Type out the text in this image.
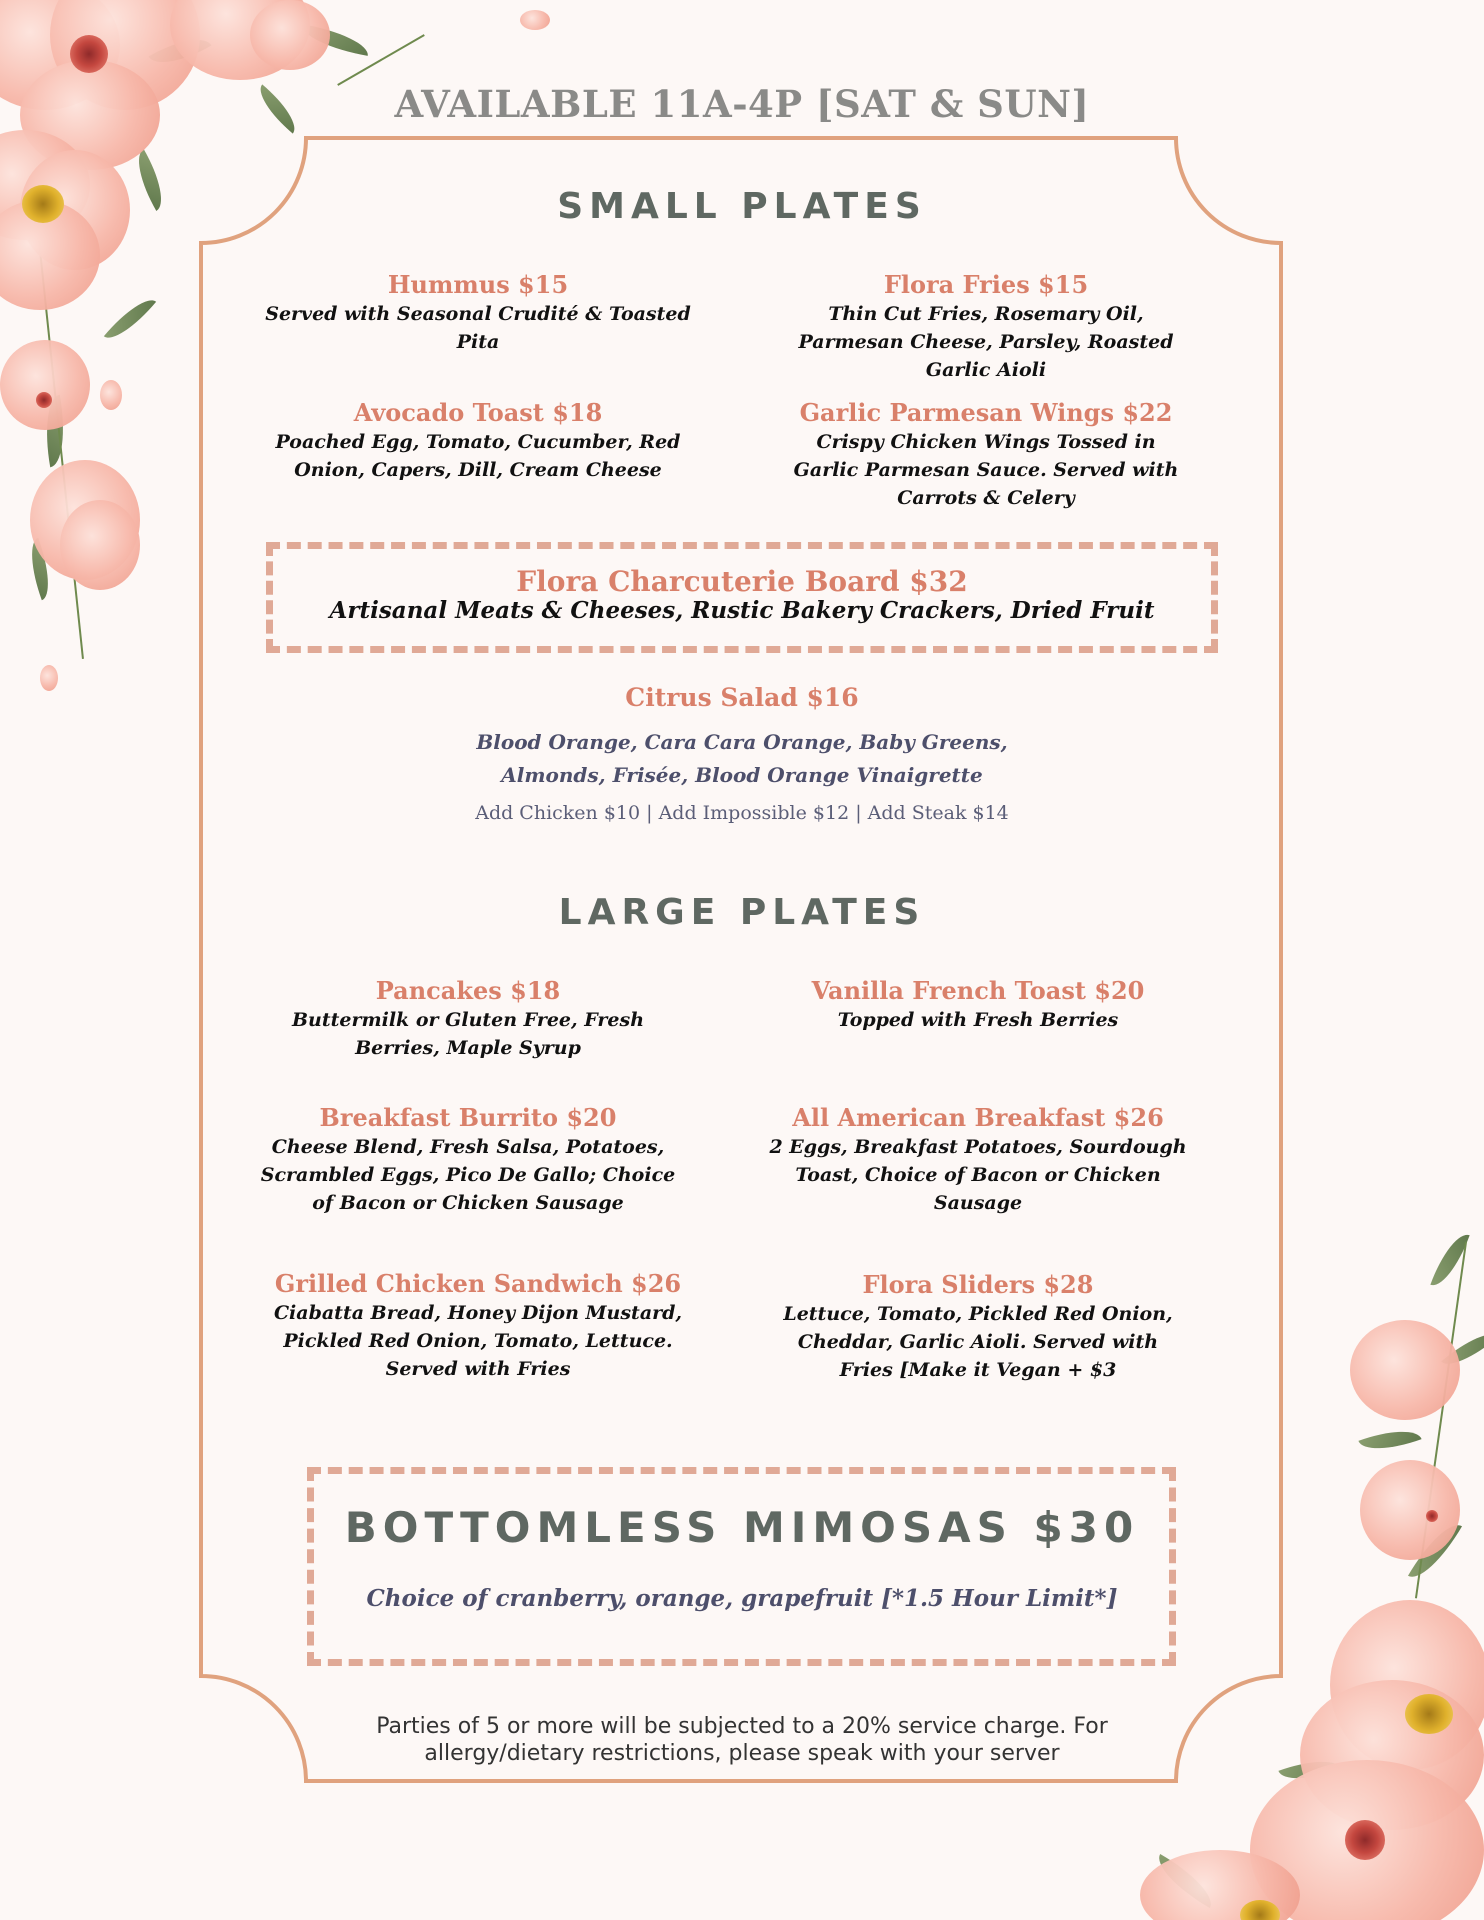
AVAILABLE 11A-4P [SAT & SUN]
SMALL PLATES
Hummus $15
Served with Seasonal Crudité & Toasted Pita
Flora Fries $15
Thin Cut Fries, Rosemary Oil, Parmesan Cheese, Parsley, Roasted Garlic Aioli
Avocado Toast $18
Poached Egg, Tomato, Cucumber, Red Onion, Capers, Dill, Cream Cheese
Garlic Parmesan Wings $22
Crispy Chicken Wings Tossed in Garlic Parmesan Sauce. Served with Carrots & Celery
Flora Charcuterie Board $32
Artisanal Meats & Cheeses, Rustic Bakery Crackers, Dried Fruit
Citrus Salad $16
Blood Orange, Cara Cara Orange, Baby Greens,
Almonds, Frisée, Blood Orange Vinaigrette
Add Chicken $10 | Add Impossible $12 | Add Steak $14
LARGE PLATES
Pancakes $18
Buttermilk or Gluten Free, Fresh Berries, Maple Syrup
Vanilla French Toast $20
Topped with Fresh Berries
Breakfast Burrito $20
Cheese Blend, Fresh Salsa, Potatoes, Scrambled Eggs, Pico De Gallo; Choice of Bacon or Chicken Sausage
All American Breakfast $26
2 Eggs, Breakfast Potatoes, Sourdough Toast, Choice of Bacon or Chicken Sausage
Grilled Chicken Sandwich $26
Ciabatta Bread, Honey Dijon Mustard, Pickled Red Onion, Tomato, Lettuce. Served with Fries
Flora Sliders $28
Lettuce, Tomato, Pickled Red Onion, Cheddar, Garlic Aioli. Served with Fries [Make it Vegan + $3
BOTTOMLESS MIMOSAS $30
Choice of cranberry, orange, grapefruit [*1.5 Hour Limit*]
Parties of 5 or more will be subjected to a 20% service charge. For
allergy/dietary restrictions, please speak with your server
